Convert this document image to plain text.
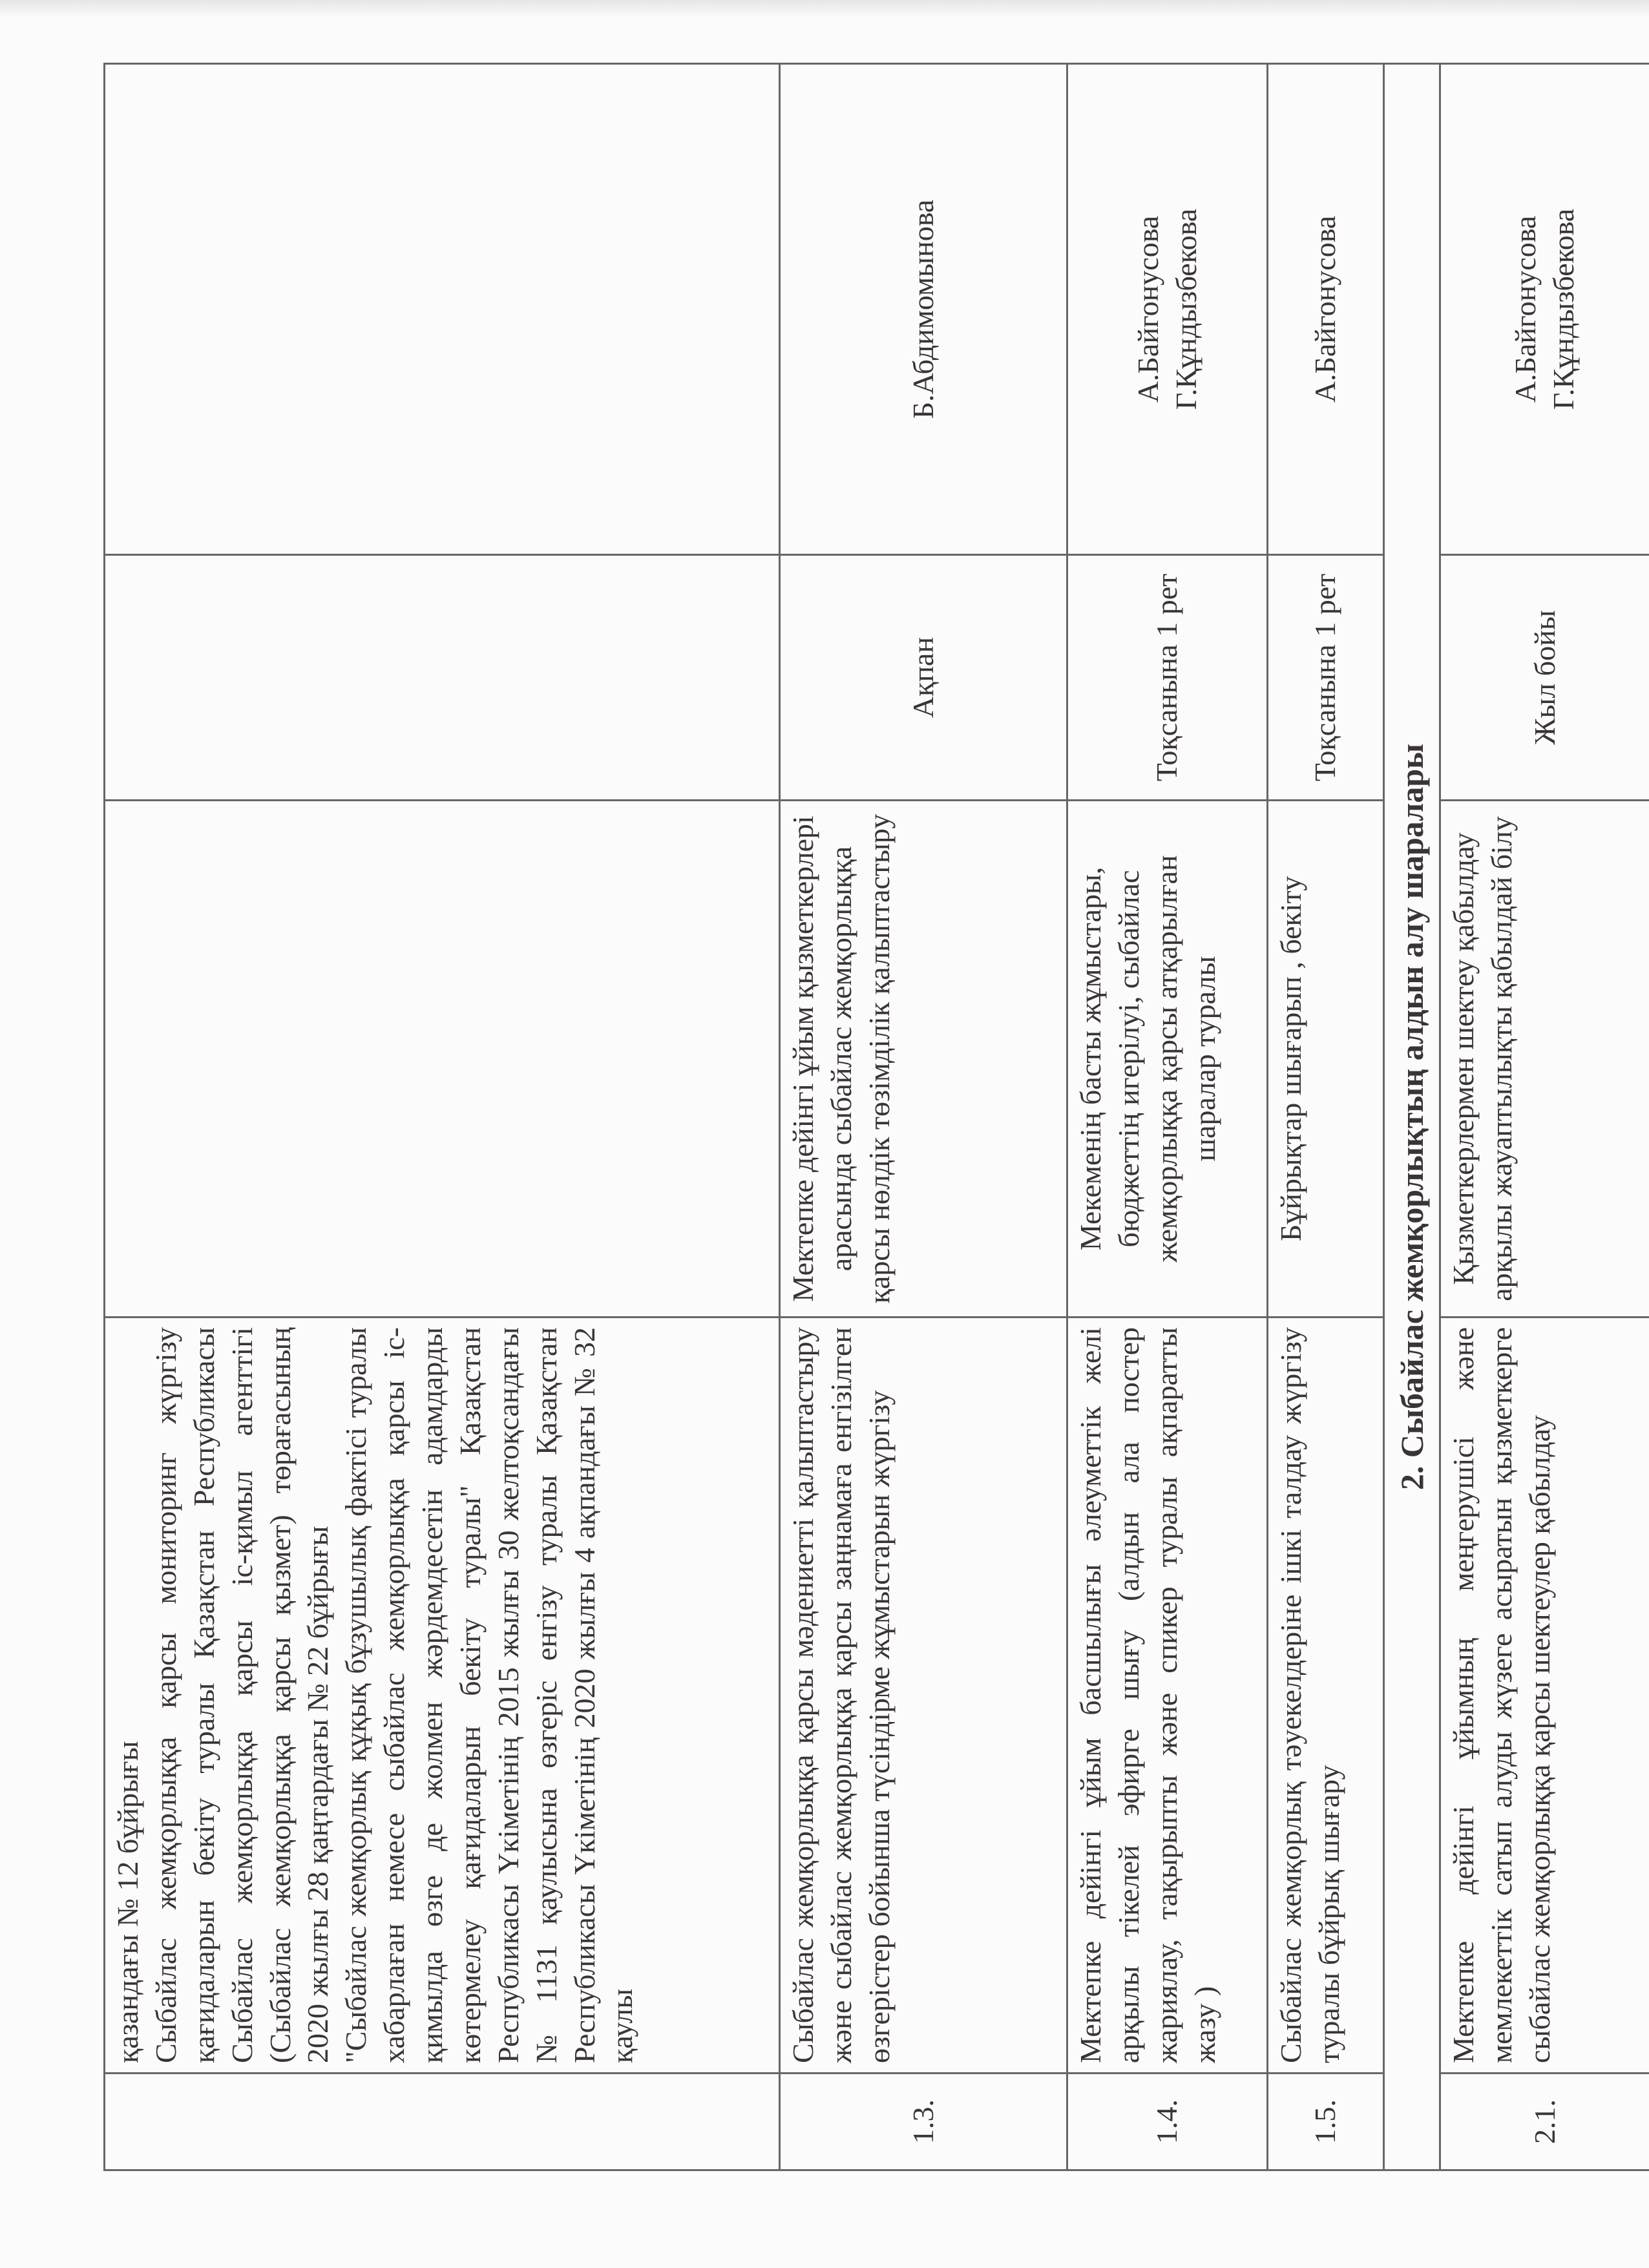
	қазандағы № 12 бұйрығы Сыбайлас жемқорлыққа қарсы мониторинг жүргізу қағидаларын бекіту туралы Қазақстан Республикасы Сыбайлас жемқорлыққа қарсы іс-қимыл агенттігі (Сыбайлас жемқорлыққа қарсы қызмет) төрағасының 2020 жылғы 28 қаңтардағы № 22 бұйрығы "Сыбайлас жемқорлық құқық бұзушылық фактісі туралы хабарлаған немесе сыбайлас жемқорлыққа қарсы іс-қимылда өзге де жолмен жәрдемдесетін адамдарды көтермелеу қағидаларын бекіту туралы" Қазақстан Республикасы Үкіметінің 2015 жылғы 30 желтоқсандағы № 1131 қаулысына өзгеріс енгізу туралы Қазақстан Республикасы Үкіметінің 2020 жылғы 4 ақпандағы № 32 қаулы			

1.3.	Сыбайлас жемқорлыққа қарсы мәдениетті қалыптастыру және сыбайлас жемқорлыққа қарсы заңнамаға енгізілген өзгерістер бойынша түсіндірме жұмыстарын жүргізу	Мектепке дейінгі ұйым қызметкерлері арасында сыбайлас жемқорлыққа қарсы нөлдік төзімділік қалыптастыру	Ақпан	Б.Абдимомынова

1.4.	Мектепке дейінгі ұйым басшылығы әлеуметтік желі арқылы тікелей эфирге шығу (алдын ала постер жариялау, тақырыпты және спикер туралы ақпаратты жазу )	Мекеменің басты жұмыстары, бюджеттің игерілуі, сыбайлас жемқорлыққа қарсы атқарылған шаралар туралы	Тоқсанына 1 рет	А.Байгонусова Г.Құндызбекова

1.5.	Сыбайлас жемқорлық тәуекелдеріне ішкі талдау жүргізу туралы бұйрық шығару	Бұйрықтар шығарып , бекіту	Тоқсанына 1 рет	А.Байгонусова

2. Сыбайлас жемқорлықтың алдын алу шаралары				
2.1.	Мектепке дейінгі ұйымның меңгерушісі және мемлекеттік сатып алуды жүзеге асыратын қызметкерге сыбайлас жемқорлыққа қарсы шектеулер қабылдау	Қызметкерлермен шектеу қабылдау арқылы жауаптылықты қабылдай білу	Жыл бойы	А.Байгонусова Г.Құндызбекова
